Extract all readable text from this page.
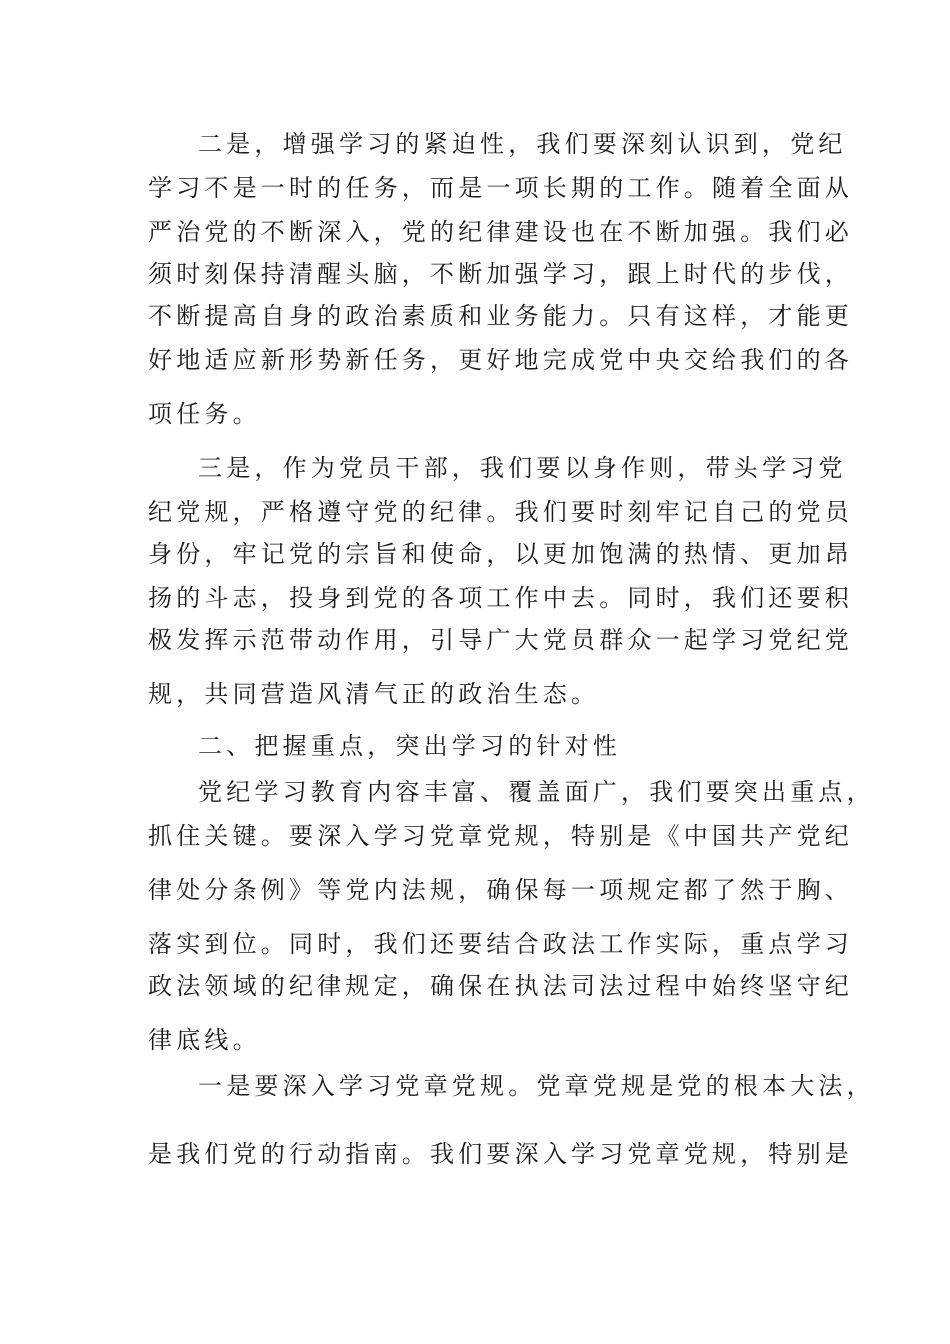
二是，增强学习的紧迫性，我们要深刻认识到，党纪
学习不是一时的任务，而是一项长期的工作。随着全面从
严治党的不断深入，党的纪律建设也在不断加强。我们必
须时刻保持清醒头脑，不断加强学习，跟上时代的步伐，
不断提高自身的政治素质和业务能力。只有这样，才能更
好地适应新形势新任务，更好地完成党中央交给我们的各
项任务。
三是，作为党员干部，我们要以身作则，带头学习党
纪党规，严格遵守党的纪律。我们要时刻牢记自己的党员
身份，牢记党的宗旨和使命，以更加饱满的热情、更加昂
扬的斗志，投身到党的各项工作中去。同时，我们还要积
极发挥示范带动作用，引导广大党员群众一起学习党纪党
规，共同营造风清气正的政治生态。
二、把握重点，突出学习的针对性
党纪学习教育内容丰富、覆盖面广，我们要突出重点，
抓住关键。要深入学习党章党规，特别是《中国共产党纪
律处分条例》等党内法规，确保每一项规定都了然于胸、
落实到位。同时，我们还要结合政法工作实际，重点学习
政法领域的纪律规定，确保在执法司法过程中始终坚守纪
律底线。
一是要深入学习党章党规。党章党规是党的根本大法，
是我们党的行动指南。我们要深入学习党章党规，特别是
